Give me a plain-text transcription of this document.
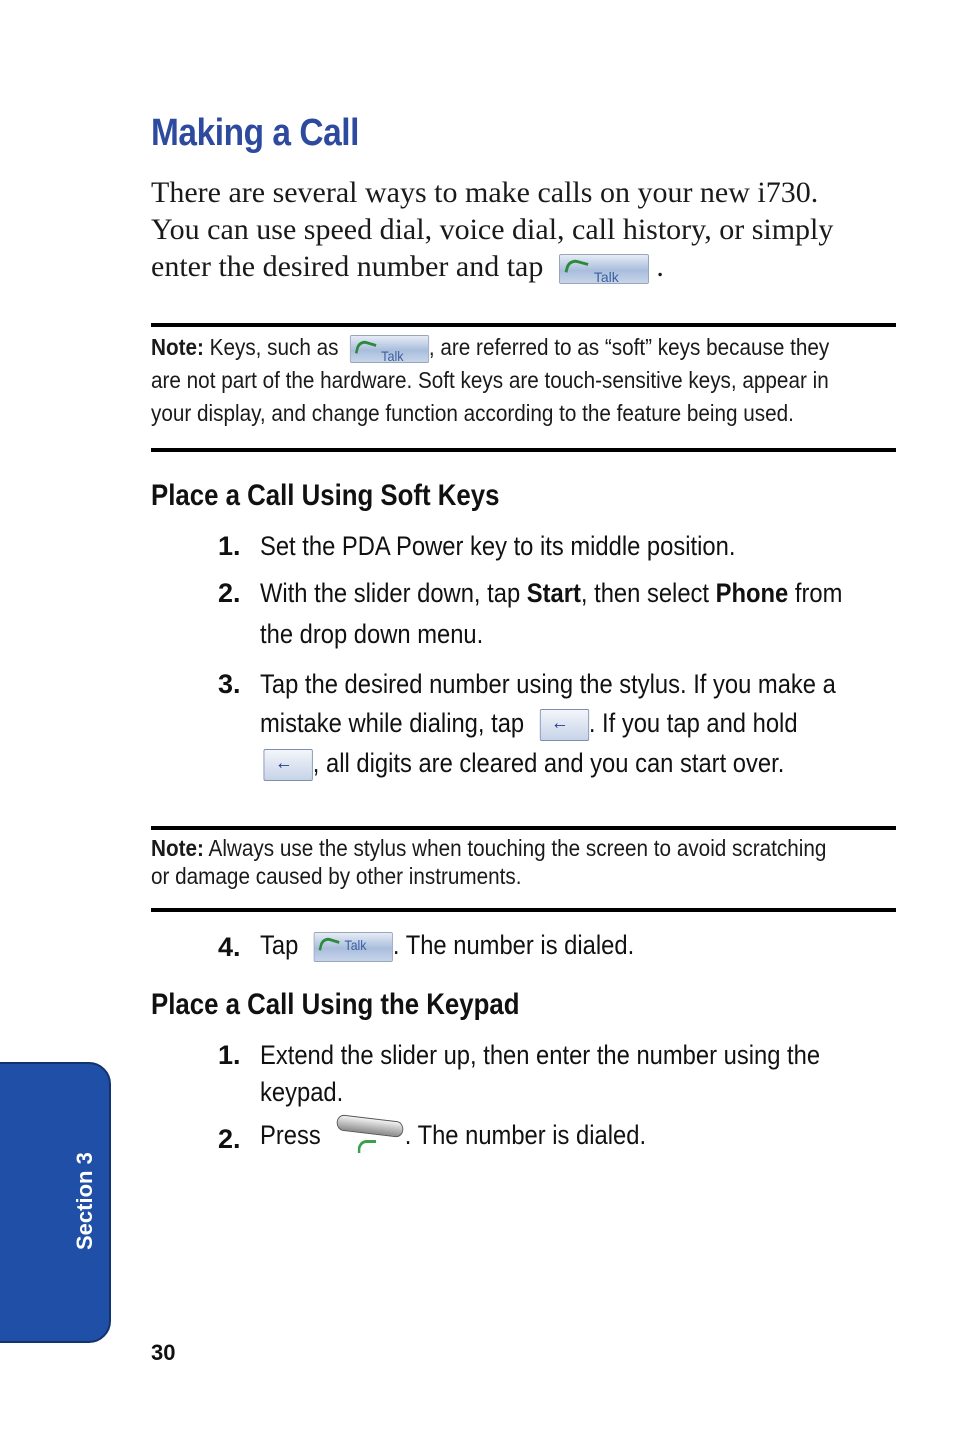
Making a Call
There are several ways to make calls on your new i730.
You can use speed dial, voice dial, call history, or simply
enter the desired number and tap	Talk .
Note: Keys, such as	Talk , are referred to as “soft” keys because they
are not part of the hardware. Soft keys are touch-sensitive keys, appear in
your display, and change function according to the feature being used.
Place a Call Using Soft Keys
1. Set the PDA Power key to its middle position.
2. With the slider down, tap Start, then select Phone from
the drop down menu.
3. Tap the desired number using the stylus. If you make a
mistake while dialing, tap ← . If you tap and hold
← , all digits are cleared and you can start over.
Note: Always use the stylus when touching the screen to avoid scratching
or damage caused by other instruments.
4. Tap	Talk . The number is dialed.
Place a Call Using the Keypad
1. Extend the slider up, then enter the number using the
keypad.
2. Press	. The number is dialed.
Section 3
30
